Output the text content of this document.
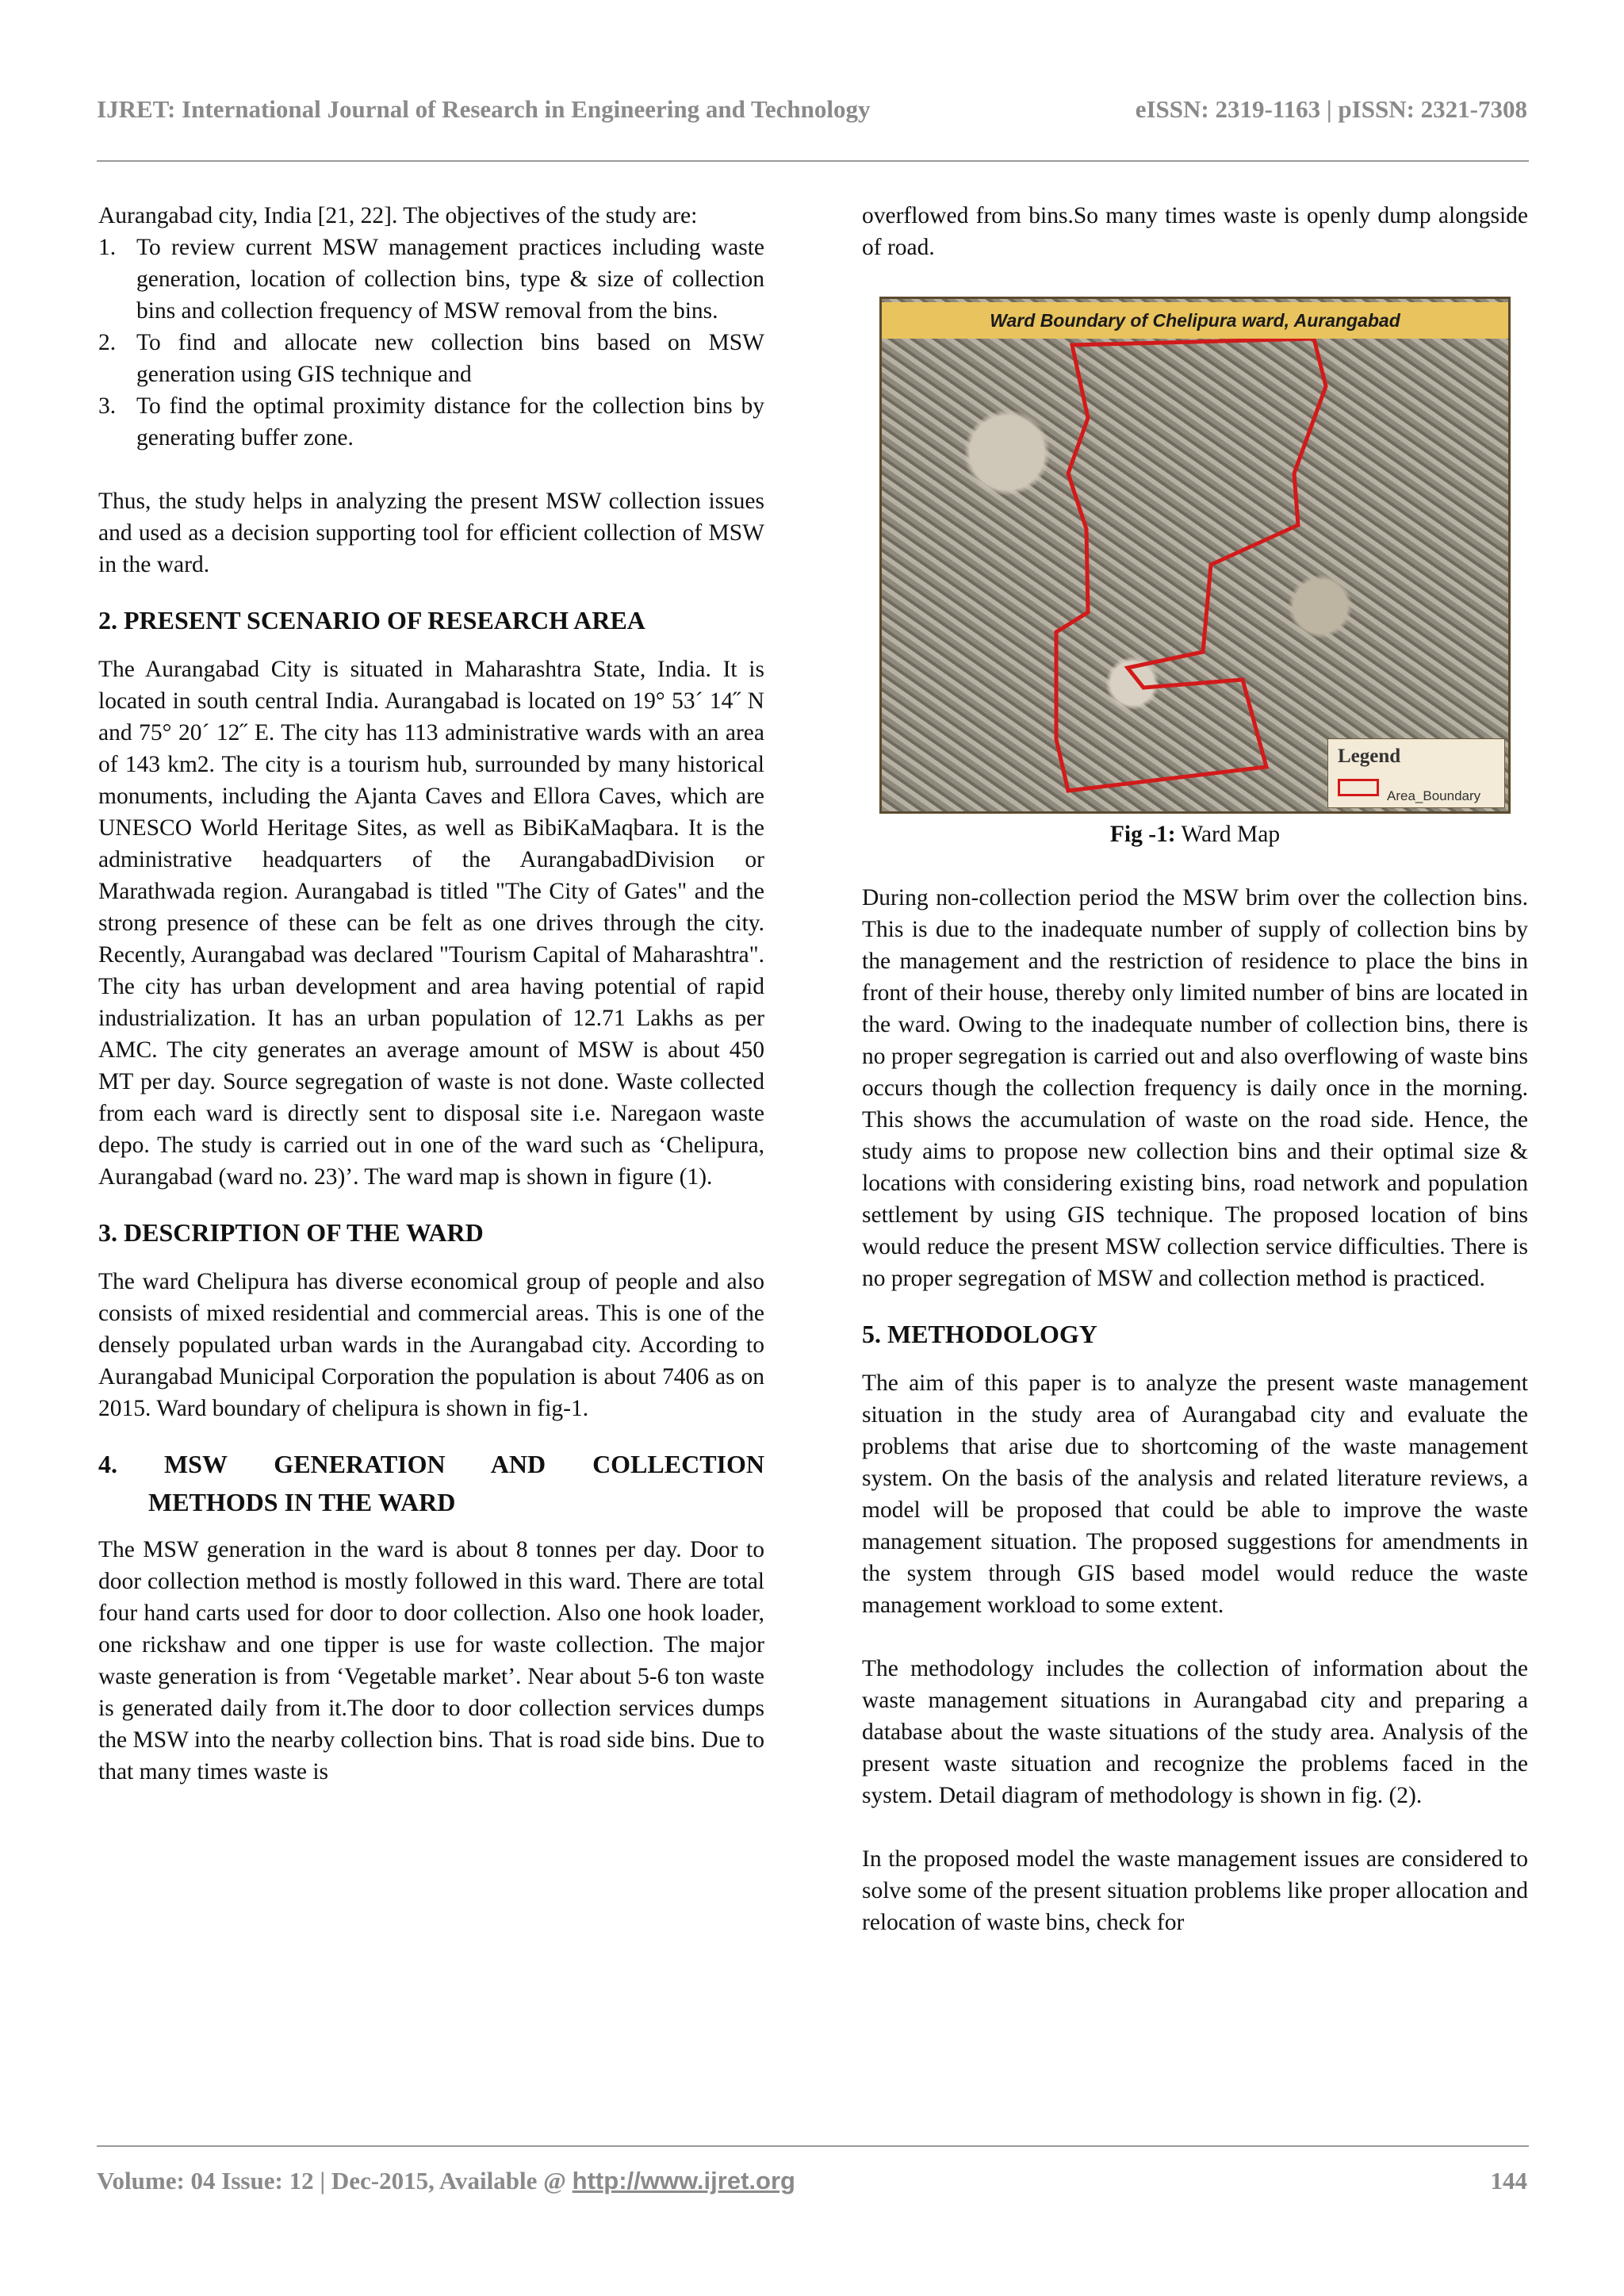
IJRET: International Journal of Research in Engineering and Technology	eISSN: 2319-1163 | pISSN: 2321-7308

Aurangabad city, India [21, 22]. The objectives of the study are:

1. To review current MSW management practices including waste generation, location of collection bins, type & size of collection bins and collection frequency of MSW removal from the bins.
2. To find and allocate new collection bins based on MSW generation using GIS technique and
3. To find the optimal proximity distance for the collection bins by generating buffer zone.

Thus, the study helps in analyzing the present MSW collection issues and used as a decision supporting tool for efficient collection of MSW in the ward.

2. PRESENT SCENARIO OF RESEARCH AREA

The Aurangabad City is situated in Maharashtra State, India. It is located in south central India. Aurangabad is located on 19° 53´ 14˝ N and 75° 20´ 12˝ E. The city has 113 administrative wards with an area of 143 km2. The city is a tourism hub, surrounded by many historical monuments, including the Ajanta Caves and Ellora Caves, which are UNESCO World Heritage Sites, as well as BibiKaMaqbara. It is the administrative headquarters of the AurangabadDivision or Marathwada region. Aurangabad is titled "The City of Gates" and the strong presence of these can be felt as one drives through the city. Recently, Aurangabad was declared "Tourism Capital of Maharashtra". The city has urban development and area having potential of rapid industrialization. It has an urban population of 12.71 Lakhs as per AMC. The city generates an average amount of MSW is about 450 MT per day. Source segregation of waste is not done. Waste collected from each ward is directly sent to disposal site i.e. Naregaon waste depo. The study is carried out in one of the ward such as ‘Chelipura, Aurangabad (ward no. 23)’. The ward map is shown in figure (1).

3. DESCRIPTION OF THE WARD

The ward Chelipura has diverse economical group of people and also consists of mixed residential and commercial areas. This is one of the densely populated urban wards in the Aurangabad city. According to Aurangabad Municipal Corporation the population is about 7406 as on 2015. Ward boundary of chelipura is shown in fig-1.

4. MSW GENERATION AND COLLECTION
METHODS IN THE WARD

The MSW generation in the ward is about 8 tonnes per day. Door to door collection method is mostly followed in this ward. There are total four hand carts used for door to door collection. Also one hook loader, one rickshaw and one tipper is use for waste collection. The major waste generation is from ‘Vegetable market’. Near about 5-6 ton waste is generated daily from it.The door to door collection services dumps the MSW into the nearby collection bins. That is road side bins. Due to that many times waste is

overflowed from bins.So many times waste is openly dump alongside of road.

Ward Boundary of Chelipura ward, Aurangabad
Legend
Area_Boundary
Fig -1: Ward Map

During non-collection period the MSW brim over the collection bins. This is due to the inadequate number of supply of collection bins by the management and the restriction of residence to place the bins in front of their house, thereby only limited number of bins are located in the ward. Owing to the inadequate number of collection bins, there is no proper segregation is carried out and also overflowing of waste bins occurs though the collection frequency is daily once in the morning. This shows the accumulation of waste on the road side. Hence, the study aims to propose new collection bins and their optimal size & locations with considering existing bins, road network and population settlement by using GIS technique. The proposed location of bins would reduce the present MSW collection service difficulties. There is no proper segregation of MSW and collection method is practiced.

5. METHODOLOGY

The aim of this paper is to analyze the present waste management situation in the study area of Aurangabad city and evaluate the problems that arise due to shortcoming of the waste management system. On the basis of the analysis and related literature reviews, a model will be proposed that could be able to improve the waste management situation. The proposed suggestions for amendments in the system through GIS based model would reduce the waste management workload to some extent.

The methodology includes the collection of information about the waste management situations in Aurangabad city and preparing a database about the waste situations of the study area. Analysis of the present waste situation and recognize the problems faced in the system. Detail diagram of methodology is shown in fig. (2).

In the proposed model the waste management issues are considered to solve some of the present situation problems like proper allocation and relocation of waste bins, check for

Volume: 04 Issue: 12 | Dec-2015, Available @ http://www.ijret.org	144
